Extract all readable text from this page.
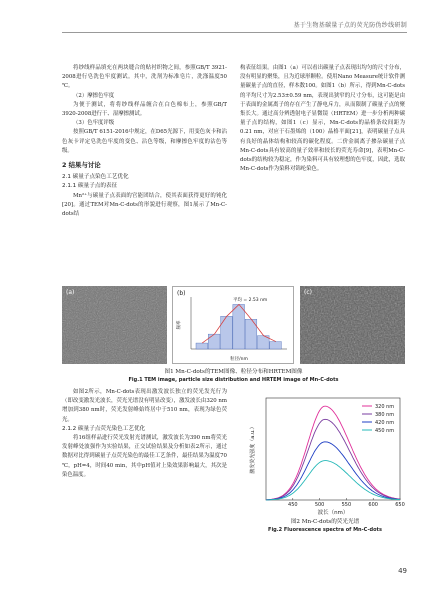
基于生物基碳量子点的荧光防伪纱线研制

将纱线样品填充在两块缝合的贴衬织物之间，参照GB/T 3921-2008进行皂洗色牢度测试。其中，洗剂为标准皂片，洗涤温度50 ℃。

（2）摩擦色牢度

为便于测试，将将纱线样品缠合在白色棉布上，参照GB/T 3920-2008进行干、湿摩擦测试。

（3）色牢度评级

按照GB/T 6151-2016中规定，在D65光源下，用变色灰卡和沾色灰卡评定皂洗色牢度的变色、沾色等级，和摩擦色牢度的沾色等级。

2 结果与讨论

2.1 碳量子点染色工艺优化

2.1.1 碳量子点的表征

Mn²⁺与碳量子点表面的官能团结合，使其表面获得更好的钝化[20]。通过TEM对Mn-C-dots的形貌进行观察，图1展示了Mn-C-dots结

构表征结果。由图1（a）可以看出碳量子点表现出均匀的尺寸分布，没有明显的聚集，且为近球形颗粒。使用Nano Measure统计软件测量碳量子点的直径，样本数100。如图1（b）所示，得到Mn-C-dots的平均尺寸为2.53±0.59 nm，表现出狭窄的尺寸分布，这可能是由于表面的金属离子的存在产生了静电斥力，从而限制了碳量子点的聚集长大。通过高分辨透射电子显微镜（HRTEM）进一步分析两种碳量子点的结构，如图1（c）显示，Mn-C-dots的晶格条纹间距为0.21 nm，对应于石墨烯的（100）晶格平面[21]，表明碳量子点具有良好的晶体结构和较高的碳化程度。二价金属离子掺杂碳量子点Mn-C-dots具有较高的量子效率和较长的荧光寿命[9]，表明Mn-C-dots的结构较为稳定，作为染料可具有较理想的色牢度，因此，选取Mn-C-dots作为染料对锦纶染色。

(a)
平均 = 2.53 nm
粒径/nm
频率
(b)	(c)
图1 Mn-C-dots的TEM图像、粒径分布和HRTEM图像
Fig.1 TEM image, particle size distribution and HRTEM image of Mn-C-dots

如图2所示，Mn-C-dots表现出激发波长独立的荧光发光行为（即改变激发光波长，荧光光谱没有明显改变），激发波长由320 nm增加到380 nm时，荧光发射峰始终居中于510 nm，表现为绿色荧光。

2.1.2 碳量子点荧光染色工艺优化

将16组样品进行荧光发射光谱测试，激发波长为390 nm将荧光发射峰处波强作为实验结果，正交试验结果及分析如表2所示，通过数据对比得到碳量子点荧光染色的最佳工艺条件，最佳结果为温度70 ℃，pH=4，时间40 min，其中pH值对上染效果影响最大，其次是染色温度。

450	500	550	600	650
波长（nm）
激发荧光强度（a.u.）
320 nm
380 nm
420 nm
450 nm
图2 Mn-C-dots的荧光光谱
Fig.2 Fluorescence spectra of Mn-C-dots
49
